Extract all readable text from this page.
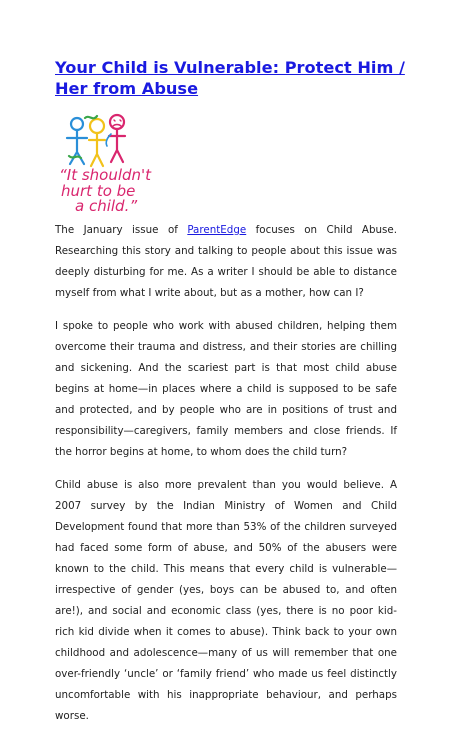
Your Child is Vulnerable: Protect Him / Her from Abuse
“It shouldn't
hurt to be
a child.”

The January issue of ParentEdge focuses on Child Abuse. Researching this story and talking to people about this issue was deeply disturbing for me. As a writer I should be able to distance myself from what I write about, but as a mother, how can I?

I spoke to people who work with abused children, helping them overcome their trauma and distress, and their stories are chilling and sickening. And the scariest part is that most child abuse begins at home—in places where a child is supposed to be safe and protected, and by people who are in positions of trust and responsibility—caregivers, family members and close friends. If the horror begins at home, to whom does the child turn?

Child abuse is also more prevalent than you would believe. A 2007 survey by the Indian Ministry of Women and Child Development found that more than 53% of the children surveyed had faced some form of abuse, and 50% of the abusers were known to the child. This means that every child is vulnerable—irrespective of gender (yes, boys can be abused to, and often are!), and social and economic class (yes, there is no poor kid-rich kid divide when it comes to abuse). Think back to your own childhood and adolescence—many of us will remember that one over-friendly ‘uncle’ or ‘family friend’ who made us feel distinctly uncomfortable with his inappropriate behaviour, and perhaps worse.
